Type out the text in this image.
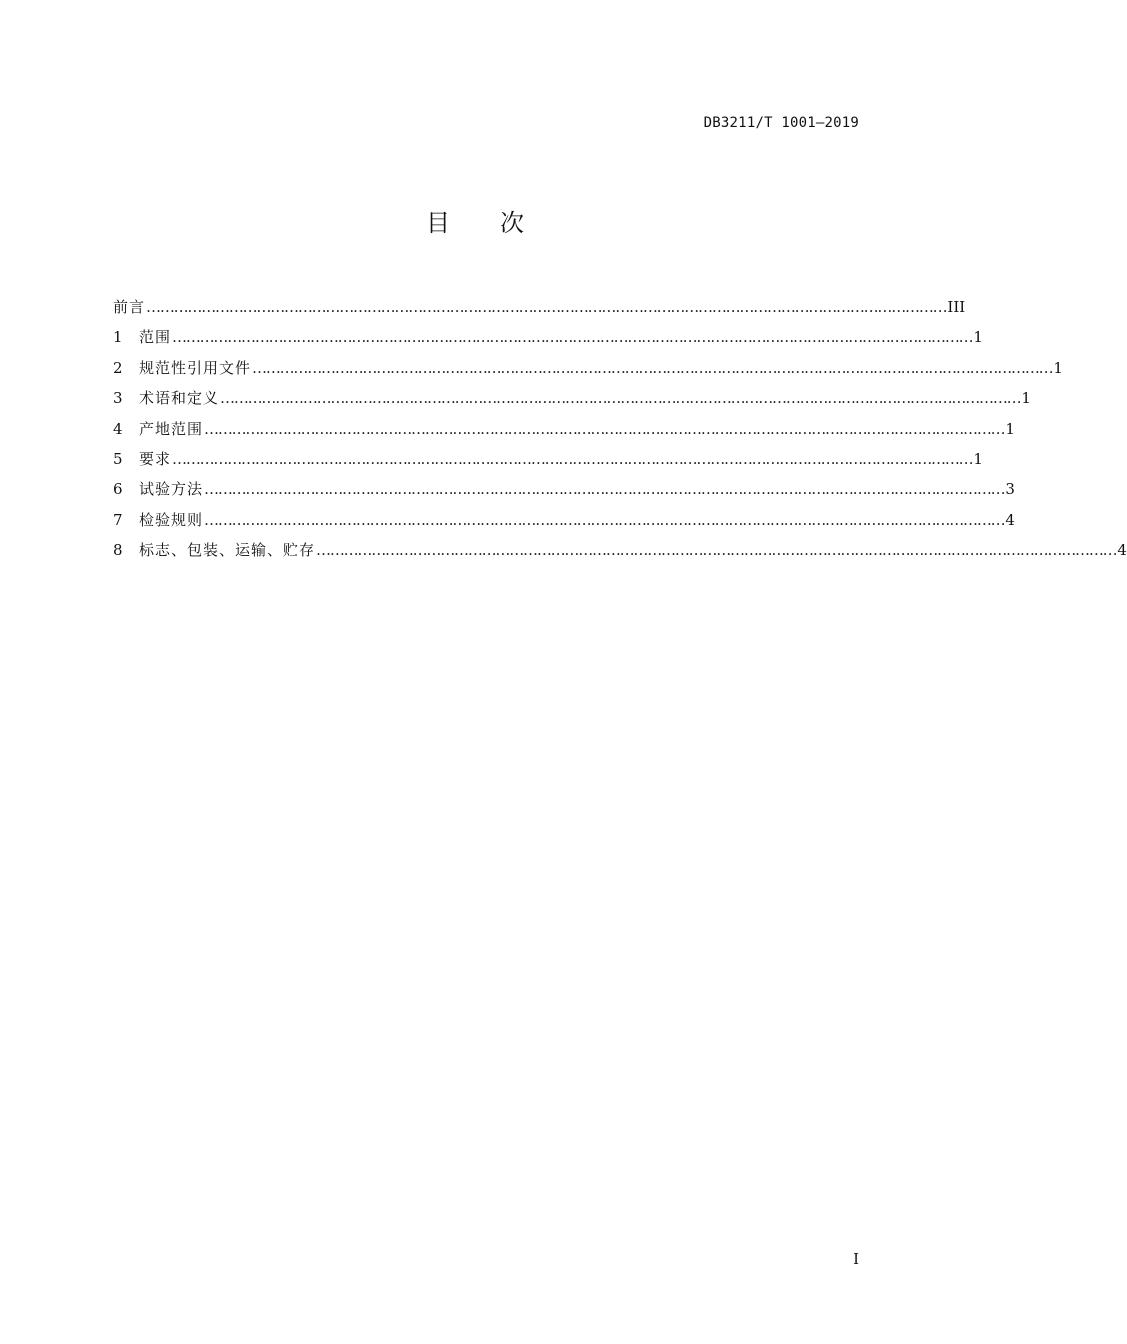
DB3211/T 1001—2019
目次
前言 ………………………………………………………………………………………………………………………………………………………… III
1	范围 ………………………………………………………………………………………………………………………………………………………… 1
2	规范性引用文件 ………………………………………………………………………………………………………………………………………………………… 1
3	术语和定义 ………………………………………………………………………………………………………………………………………………………… 1
4	产地范围 ………………………………………………………………………………………………………………………………………………………… 1
5	要求 ………………………………………………………………………………………………………………………………………………………… 1
6	试验方法 ………………………………………………………………………………………………………………………………………………………… 3
7	检验规则 ………………………………………………………………………………………………………………………………………………………… 4
8	标志、包装、运输、贮存 ………………………………………………………………………………………………………………………………………………………… 4
I
